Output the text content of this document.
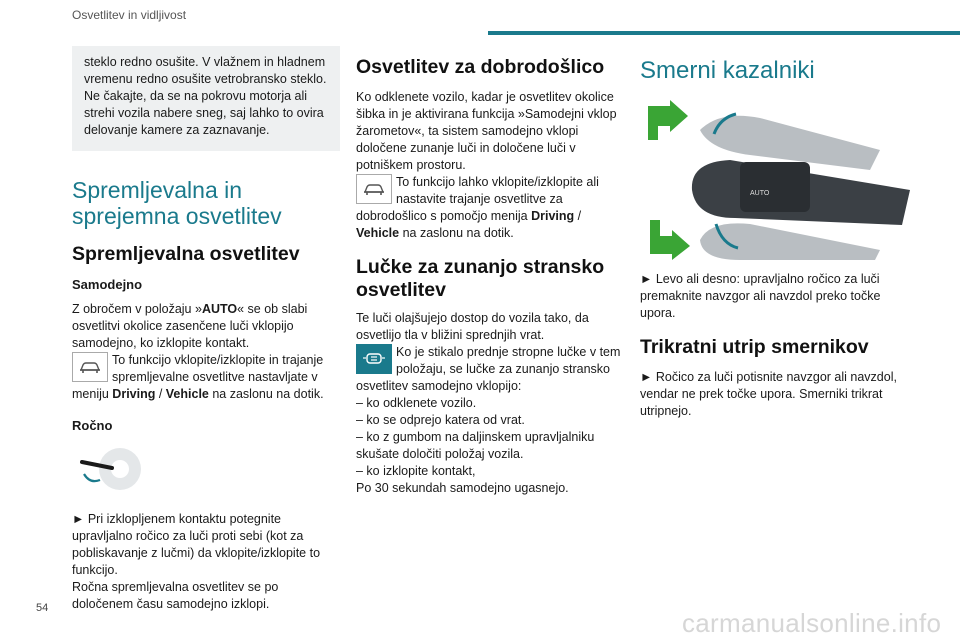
Osvetlitev in vidljivost

steklo redno osušite. V vlažnem in hladnem vremenu redno osušite vetrobransko steklo. Ne čakajte, da se na pokrovu motorja ali strehi vozila nabere sneg, saj lahko to ovira delovanje kamere za zaznavanje.

Spremljevalna in sprejemna osvetlitev
Spremljevalna osvetlitev
Samodejno

Z obročem v položaju »AUTO« se ob slabi osvetlitvi okolice zasenčene luči vklopijo samodejno, ko izklopite kontakt.

To funkcijo vklopite/izklopite in trajanje spremljevalne osvetlitve nastavljate v meniju Driving / Vehicle na zaslonu na dotik.

Ročno

► Pri izklopljenem kontaktu potegnite upravljalno ročico za luči proti sebi (kot za pobliskavanje z lučmi) da vklopite/izklopite to funkcijo.

Ročna spremljevalna osvetlitev se po določenem času samodejno izklopi.

Osvetlitev za dobrodošlico

Ko odklenete vozilo, kadar je osvetlitev okolice šibka in je aktivirana funkcija »Samodejni vklop žarometov«, ta sistem samodejno vklopi določene zunanje luči in določene luči v potniškem prostoru.

To funkcijo lahko vklopite/izklopite ali nastavite trajanje osvetlitve za dobrodošlico s pomočjo menija Driving / Vehicle na zaslonu na dotik.

Lučke za zunanjo stransko osvetlitev

Te luči olajšujejo dostop do vozila tako, da osvetlijo tla v bližini sprednjih vrat.

Ko je stikalo prednje stropne lučke v tem položaju, se lučke za zunanjo stransko osvetlitev samodejno vklopijo:

– ko odklenete vozilo.

– ko se odprejo katera od vrat.

– ko z gumbom na daljinskem upravljalniku skušate določiti položaj vozila.

– ko izklopite kontakt,

Po 30 sekundah samodejno ugasnejo.

Smerni kazalniki
AUTO

► Levo ali desno: upravljalno ročico za luči premaknite navzgor ali navzdol preko točke upora.

Trikratni utrip smernikov

► Ročico za luči potisnite navzgor ali navzdol, vendar ne prek točke upora. Smerniki trikrat utripnejo.

54	carmanualsonline.info
